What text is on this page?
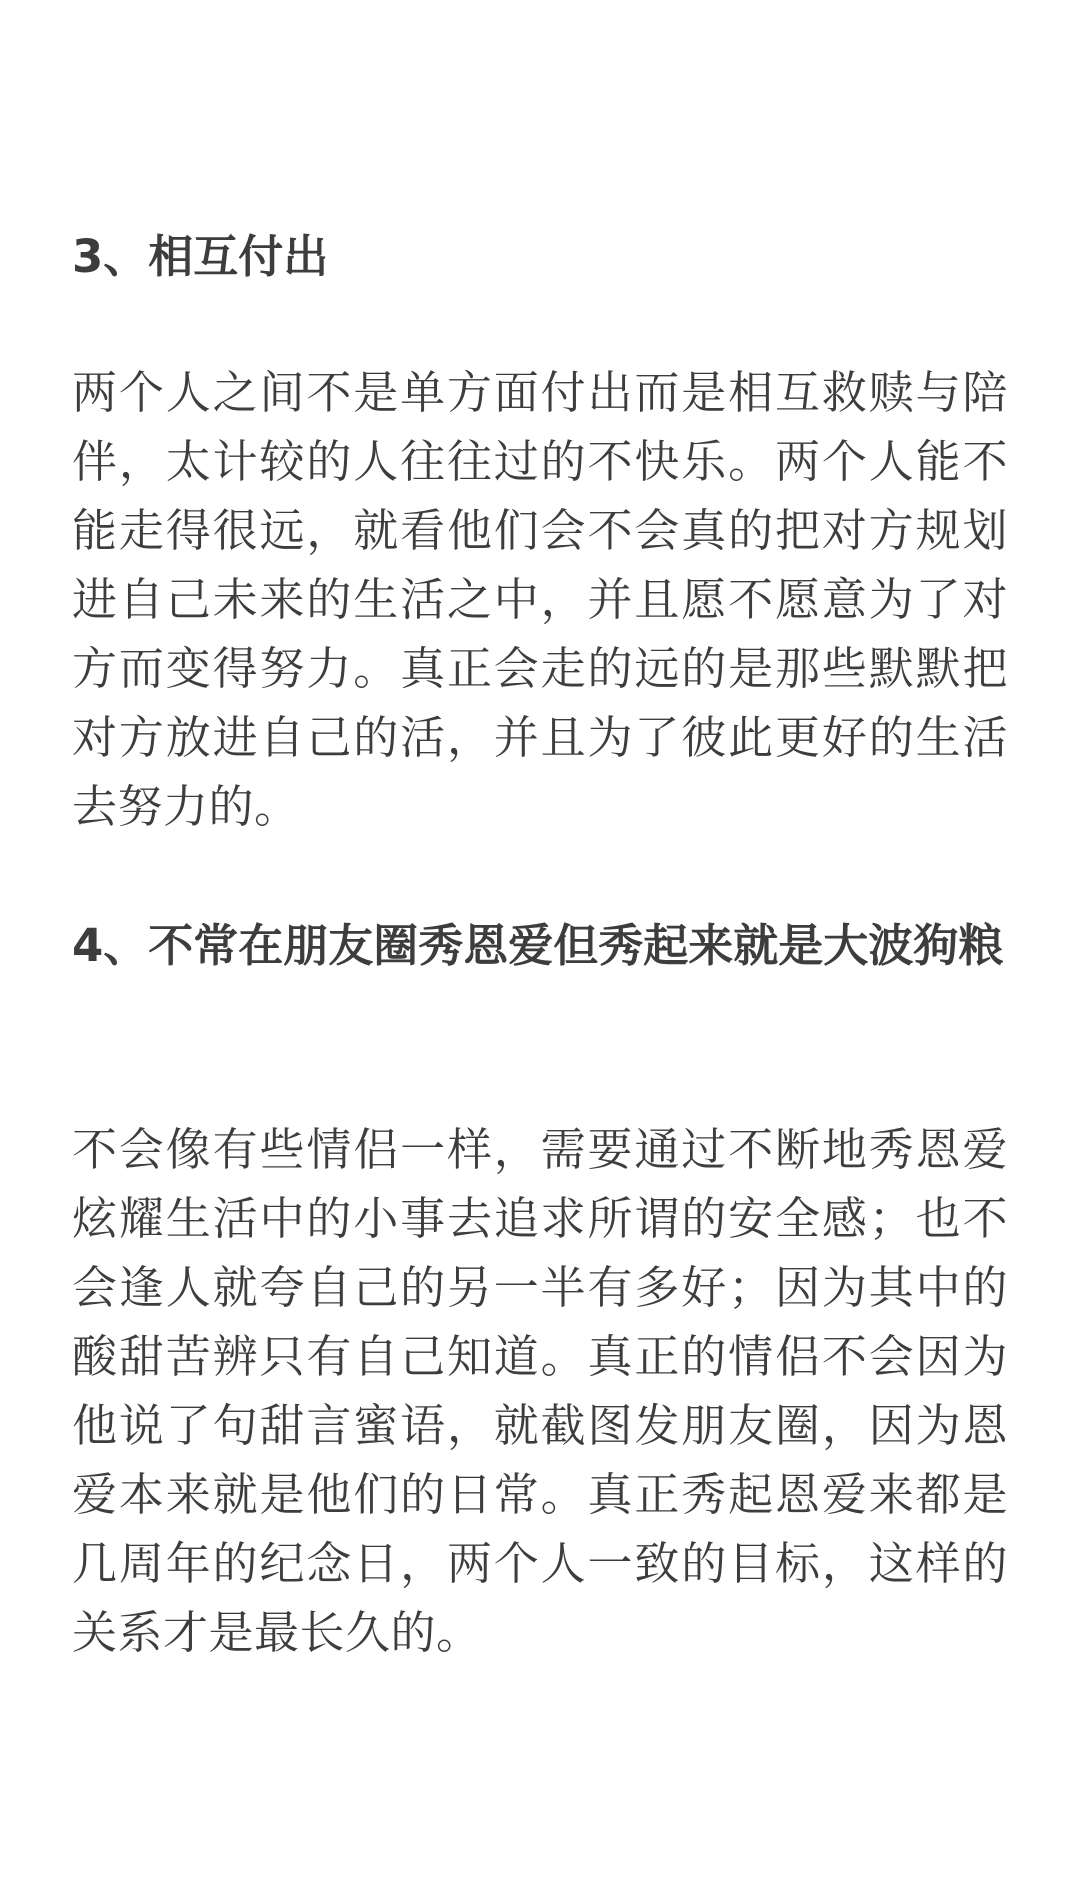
3、相互付出

两个人之间不是单方面付出而是相互救赎与陪伴，太计较的人往往过的不快乐。两个人能不能走得很远，就看他们会不会真的把对方规划进自己未来的生活之中，并且愿不愿意为了对方而变得努力。真正会走的远的是那些默默把对方放进自己的活，并且为了彼此更好的生活去努力的。

4、不常在朋友圈秀恩爱但秀起来就是大波狗粮

不会像有些情侣一样，需要通过不断地秀恩爱炫耀生活中的小事去追求所谓的安全感；也不会逢人就夸自己的另一半有多好；因为其中的酸甜苦辨只有自己知道。真正的情侣不会因为他说了句甜言蜜语，就截图发朋友圈，因为恩爱本来就是他们的日常。真正秀起恩爱来都是几周年的纪念日，两个人一致的目标，这样的关系才是最长久的。
